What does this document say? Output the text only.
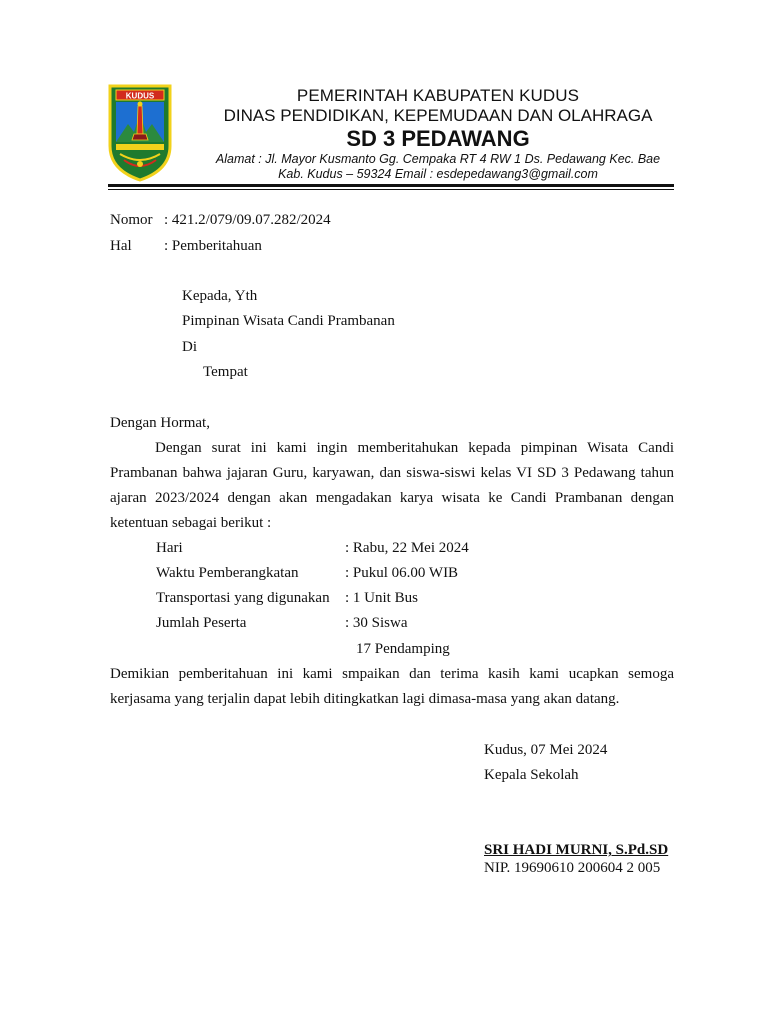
KUDUS	PEMERINTAH KABUPATEN KUDUS
DINAS PENDIDIKAN, KEPEMUDAAN DAN OLAHRAGA
SD 3 PEDAWANG
Alamat : Jl. Mayor Kusmanto Gg. Cempaka RT 4 RW 1 Ds. Pedawang Kec. Bae
Kab. Kudus – 59324 Email : esdepedawang3@gmail.com
Nomor : 421.2/079/09.07.282/2024
Hal : Pemberitahuan
Kepada, Yth
Pimpinan Wisata Candi Prambanan
Di
Tempat
Dengan Hormat,
Dengan surat ini kami ingin memberitahukan kepada pimpinan Wisata Candi Prambanan bahwa jajaran Guru, karyawan, dan siswa-siswi kelas VI SD 3 Pedawang tahun ajaran 2023/2024 dengan akan mengadakan karya wisata ke Candi Prambanan dengan ketentuan sebagai berikut :
Hari	: Rabu, 22 Mei 2024
Waktu Pemberangkatan	: Pukul 06.00 WIB
Transportasi yang digunakan : 1 Unit Bus
Jumlah Peserta	: 30 Siswa
17 Pendamping
Demikian pemberitahuan ini kami smpaikan dan terima kasih kami ucapkan semoga kerjasama yang terjalin dapat lebih ditingkatkan lagi dimasa-masa yang akan datang.
Kudus, 07 Mei 2024
Kepala Sekolah
SRI HADI MURNI, S.Pd.SD
NIP. 19690610 200604 2 005
